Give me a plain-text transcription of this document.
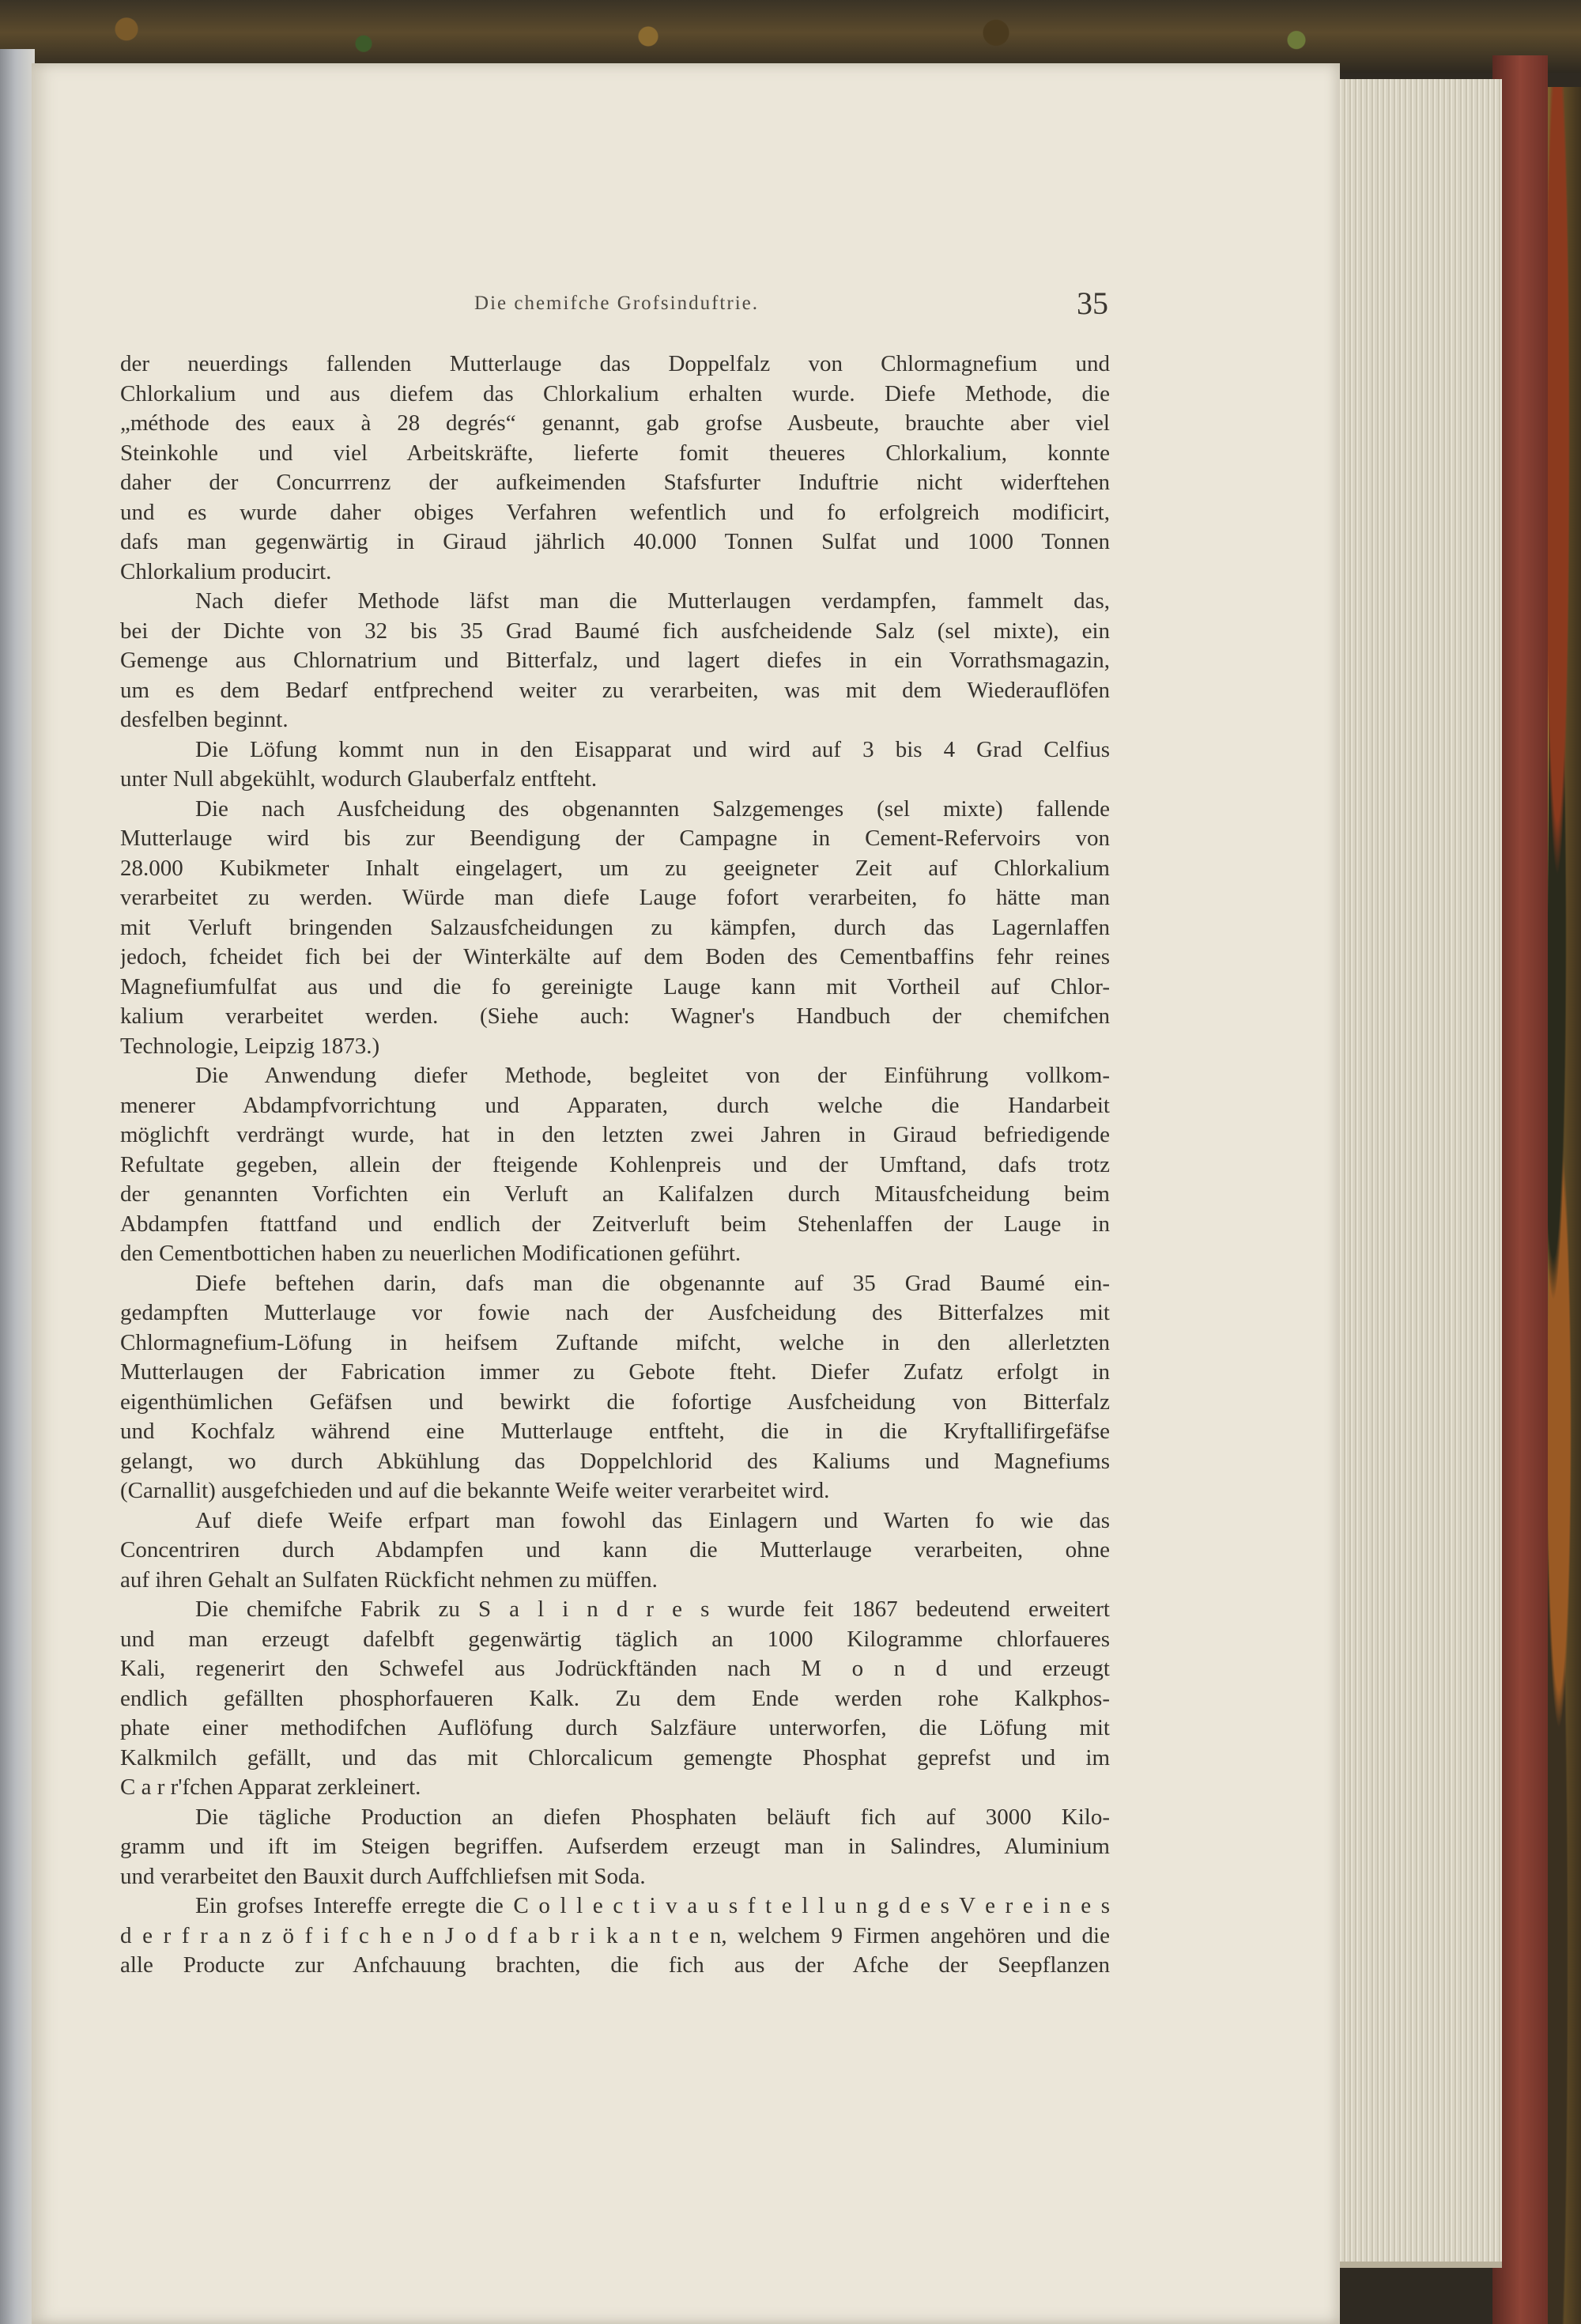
Die chemifche Grofsinduftrie.	35
der neuerdings fallenden Mutterlauge das Doppelfalz von Chlormagnefium und
Chlorkalium und aus diefem das Chlorkalium erhalten wurde. Diefe Methode, die
„méthode des eaux à 28 degrés“ genannt, gab grofse Ausbeute, brauchte aber viel
Steinkohle und viel Arbeitskräfte, lieferte fomit theueres Chlorkalium, konnte
daher der Concurrrenz der aufkeimenden Stafsfurter Induftrie nicht widerftehen
und es wurde daher obiges Verfahren wefentlich und fo erfolgreich modificirt,
dafs man gegenwärtig in Giraud jährlich 40.000 Tonnen Sulfat und 1000 Tonnen
Chlorkalium producirt.
Nach diefer Methode läfst man die Mutterlaugen verdampfen, fammelt das,
bei der Dichte von 32 bis 35 Grad Baumé fich ausfcheidende Salz (sel mixte), ein
Gemenge aus Chlornatrium und Bitterfalz, und lagert diefes in ein Vorrathsmagazin,
um es dem Bedarf entfprechend weiter zu verarbeiten, was mit dem Wiederauflöfen
desfelben beginnt.
Die Löfung kommt nun in den Eisapparat und wird auf 3 bis 4 Grad Celfius
unter Null abgekühlt, wodurch Glauberfalz entfteht.
Die nach Ausfcheidung des obgenannten Salzgemenges (sel mixte) fallende
Mutterlauge wird bis zur Beendigung der Campagne in Cement-Refervoirs von
28.000 Kubikmeter Inhalt eingelagert, um zu geeigneter Zeit auf Chlorkalium
verarbeitet zu werden. Würde man diefe Lauge fofort verarbeiten, fo hätte man
mit Verluft bringenden Salzausfcheidungen zu kämpfen, durch das Lagernlaffen
jedoch, fcheidet fich bei der Winterkälte auf dem Boden des Cementbaffins fehr reines
Magnefiumfulfat aus und die fo gereinigte Lauge kann mit Vortheil auf Chlor-
kalium verarbeitet werden. (Siehe auch: Wagner's Handbuch der chemifchen
Technologie, Leipzig 1873.)
Die Anwendung diefer Methode, begleitet von der Einführung vollkom-
menerer Abdampfvorrichtung und Apparaten, durch welche die Handarbeit
möglichft verdrängt wurde, hat in den letzten zwei Jahren in Giraud befriedigende
Refultate gegeben, allein der fteigende Kohlenpreis und der Umftand, dafs trotz
der genannten Vorfichten ein Verluft an Kalifalzen durch Mitausfcheidung beim
Abdampfen ftattfand und endlich der Zeitverluft beim Stehenlaffen der Lauge in
den Cementbottichen haben zu neuerlichen Modificationen geführt.
Diefe beftehen darin, dafs man die obgenannte auf 35 Grad Baumé ein-
gedampften Mutterlauge vor fowie nach der Ausfcheidung des Bitterfalzes mit
Chlormagnefium-Löfung in heifsem Zuftande mifcht, welche in den allerletzten
Mutterlaugen der Fabrication immer zu Gebote fteht. Diefer Zufatz erfolgt in
eigenthümlichen Gefäfsen und bewirkt die fofortige Ausfcheidung von Bitterfalz
und Kochfalz während eine Mutterlauge entfteht, die in die Kryftallifirgefäfse
gelangt, wo durch Abkühlung das Doppelchlorid des Kaliums und Magnefiums
(Carnallit) ausgefchieden und auf die bekannte Weife weiter verarbeitet wird.
Auf diefe Weife erfpart man fowohl das Einlagern und Warten fo wie das
Concentriren durch Abdampfen und kann die Mutterlauge verarbeiten, ohne
auf ihren Gehalt an Sulfaten Rückficht nehmen zu müffen.
Die chemifche Fabrik zu S a l i n d r e s wurde feit 1867 bedeutend erweitert
und man erzeugt dafelbft gegenwärtig täglich an 1000 Kilogramme chlorfaueres
Kali, regenerirt den Schwefel aus Jodrückftänden nach M o n d und erzeugt
endlich gefällten phosphorfaueren Kalk. Zu dem Ende werden rohe Kalkphos-
phate einer methodifchen Auflöfung durch Salzfäure unterworfen, die Löfung mit
Kalkmilch gefällt, und das mit Chlorcalicum gemengte Phosphat geprefst und im
C a r r'fchen Apparat zerkleinert.
Die tägliche Production an diefen Phosphaten beläuft fich auf 3000 Kilo-
gramm und ift im Steigen begriffen. Aufserdem erzeugt man in Salindres, Aluminium
und verarbeitet den Bauxit durch Auffchliefsen mit Soda.
Ein grofses Intereffe erregte die C o l l e c t i v a u s f t e l l u n g d e s V e r e i n e s
d e r f r a n z ö f i f c h e n J o d f a b r i k a n t e n, welchem 9 Firmen angehören und die
alle Producte zur Anfchauung brachten, die fich aus der Afche der Seepflanzen
